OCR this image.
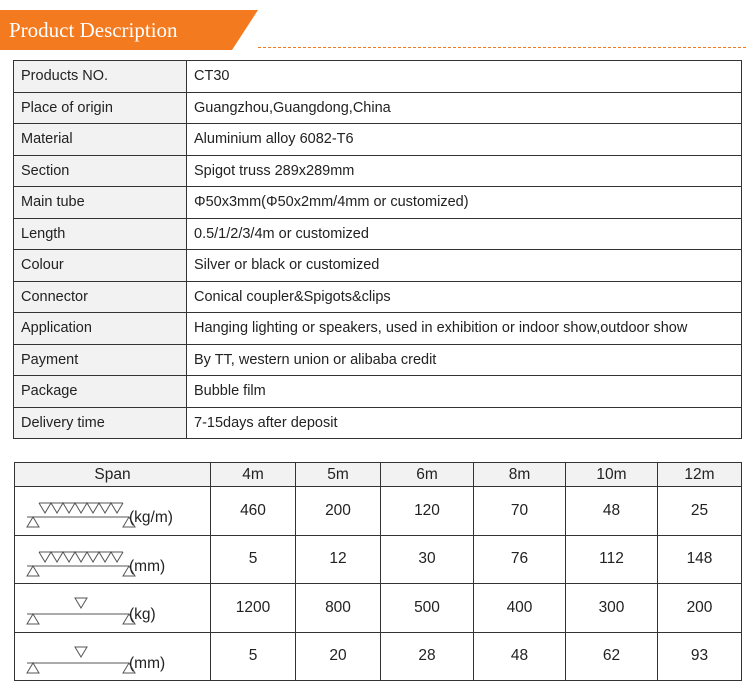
Product Description
Products NO.	CT30
Place of origin	Guangzhou,Guangdong,China
Material	Aluminium alloy 6082-T6
Section	Spigot truss 289x289mm
Main tube	Φ50x3mm(Φ50x2mm/4mm or customized)
Length	0.5/1/2/3/4m or customized
Colour	Silver or black or customized
Connector	Conical coupler&Spigots&clips
Application	Hanging lighting or speakers, used in exhibition or indoor show,outdoor show
Payment	By TT, western union or alibaba credit
Package	Bubble film
Delivery time	7-15days after deposit
Span	4m	5m	6m	8m	10m	12m

(kg/m)	460	200	120	70	48	25

(mm)	5	12	30	76	112	148

(kg)	1200	800	500	400	300	200

(mm)	5	20	28	48	62	93
